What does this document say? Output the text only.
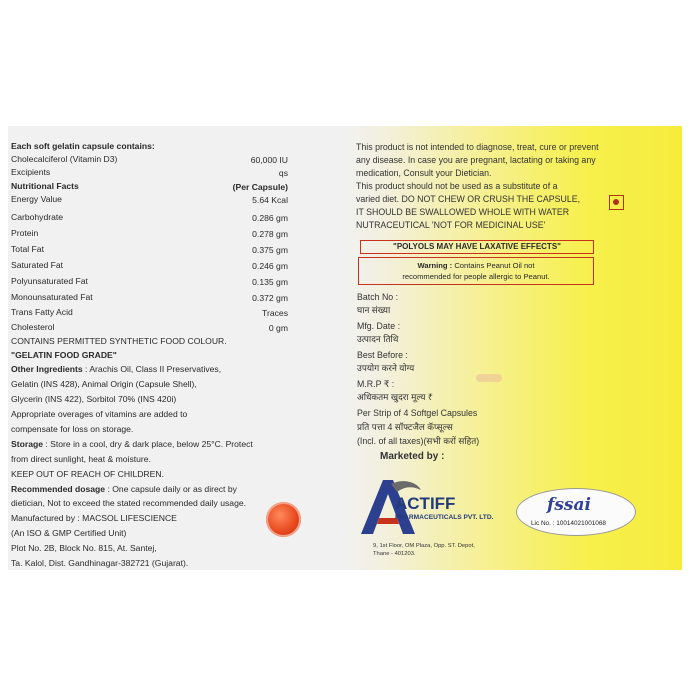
Each soft gelatin capsule contains:
Cholecalciferol (Vitamin D3)	60,000 IU
Excipients	qs
Nutritional Facts	(Per Capsule)
Energy Value	5.64 Kcal
Carbohydrate	0.286 gm
Protein	0.278 gm
Total Fat	0.375 gm
Saturated Fat	0.246 gm
Polyunsaturated Fat	0.135 gm
Monounsaturated Fat	0.372 gm
Trans Fatty Acid	Traces
Cholesterol	0 gm
CONTAINS PERMITTED SYNTHETIC FOOD COLOUR.
"GELATIN FOOD GRADE"
Other Ingredients : Arachis Oil, Class II Preservatives,
Gelatin (INS 428), Animal Origin (Capsule Shell),
Glycerin (INS 422), Sorbitol 70% (INS 420i)
Appropriate overages of vitamins are added to
compensate for loss on storage.
Storage : Store in a cool, dry & dark place, below 25°C. Protect
from direct sunlight, heat & moisture.
KEEP OUT OF REACH OF CHILDREN.
Recommended dosage : One capsule daily or as direct by
dietician, Not to exceed the stated recommended daily usage.
Manufactured by : MACSOL LIFESCIENCE
(An ISO & GMP Certified Unit)
Plot No. 2B, Block No. 815, At. Santej,
Ta. Kalol, Dist. Gandhinagar-382721 (Gujarat).
This product is not intended to diagnose, treat, cure or prevent
any disease. In case you are pregnant, lactating or taking any
medication, Consult your Dietician.
This product should not be used as a substitute of a
varied diet. DO NOT CHEW OR CRUSH THE CAPSULE,
IT SHOULD BE SWALLOWED WHOLE WITH WATER
NUTRACEUTICAL 'NOT FOR MEDICINAL USE'
"POLYOLS MAY HAVE LAXATIVE EFFECTS"
Warning : Contains Peanut Oil not
recommended for people allergic to Peanut.
Batch No :
घान संख्या
Mfg. Date :
उत्पादन तिथि
Best Before :
उपयोग करने योग्य
M.R.P ₹ :
अधिकतम खुदरा मूल्य ₹
Per Strip of 4 Softgel Capsules
प्रति पत्ता 4 सॉफ्टजैल कॅप्सूल्स
(Incl. of all taxes)(सभी करों सहित)
Marketed by :
ACTIFF
PHARMACEUTICALS PVT. LTD.
9, 1st Floor, OM Plaza, Opp. ST. Depot,
Thane - 401203.
fssai
Lic No. : 10014021001068
